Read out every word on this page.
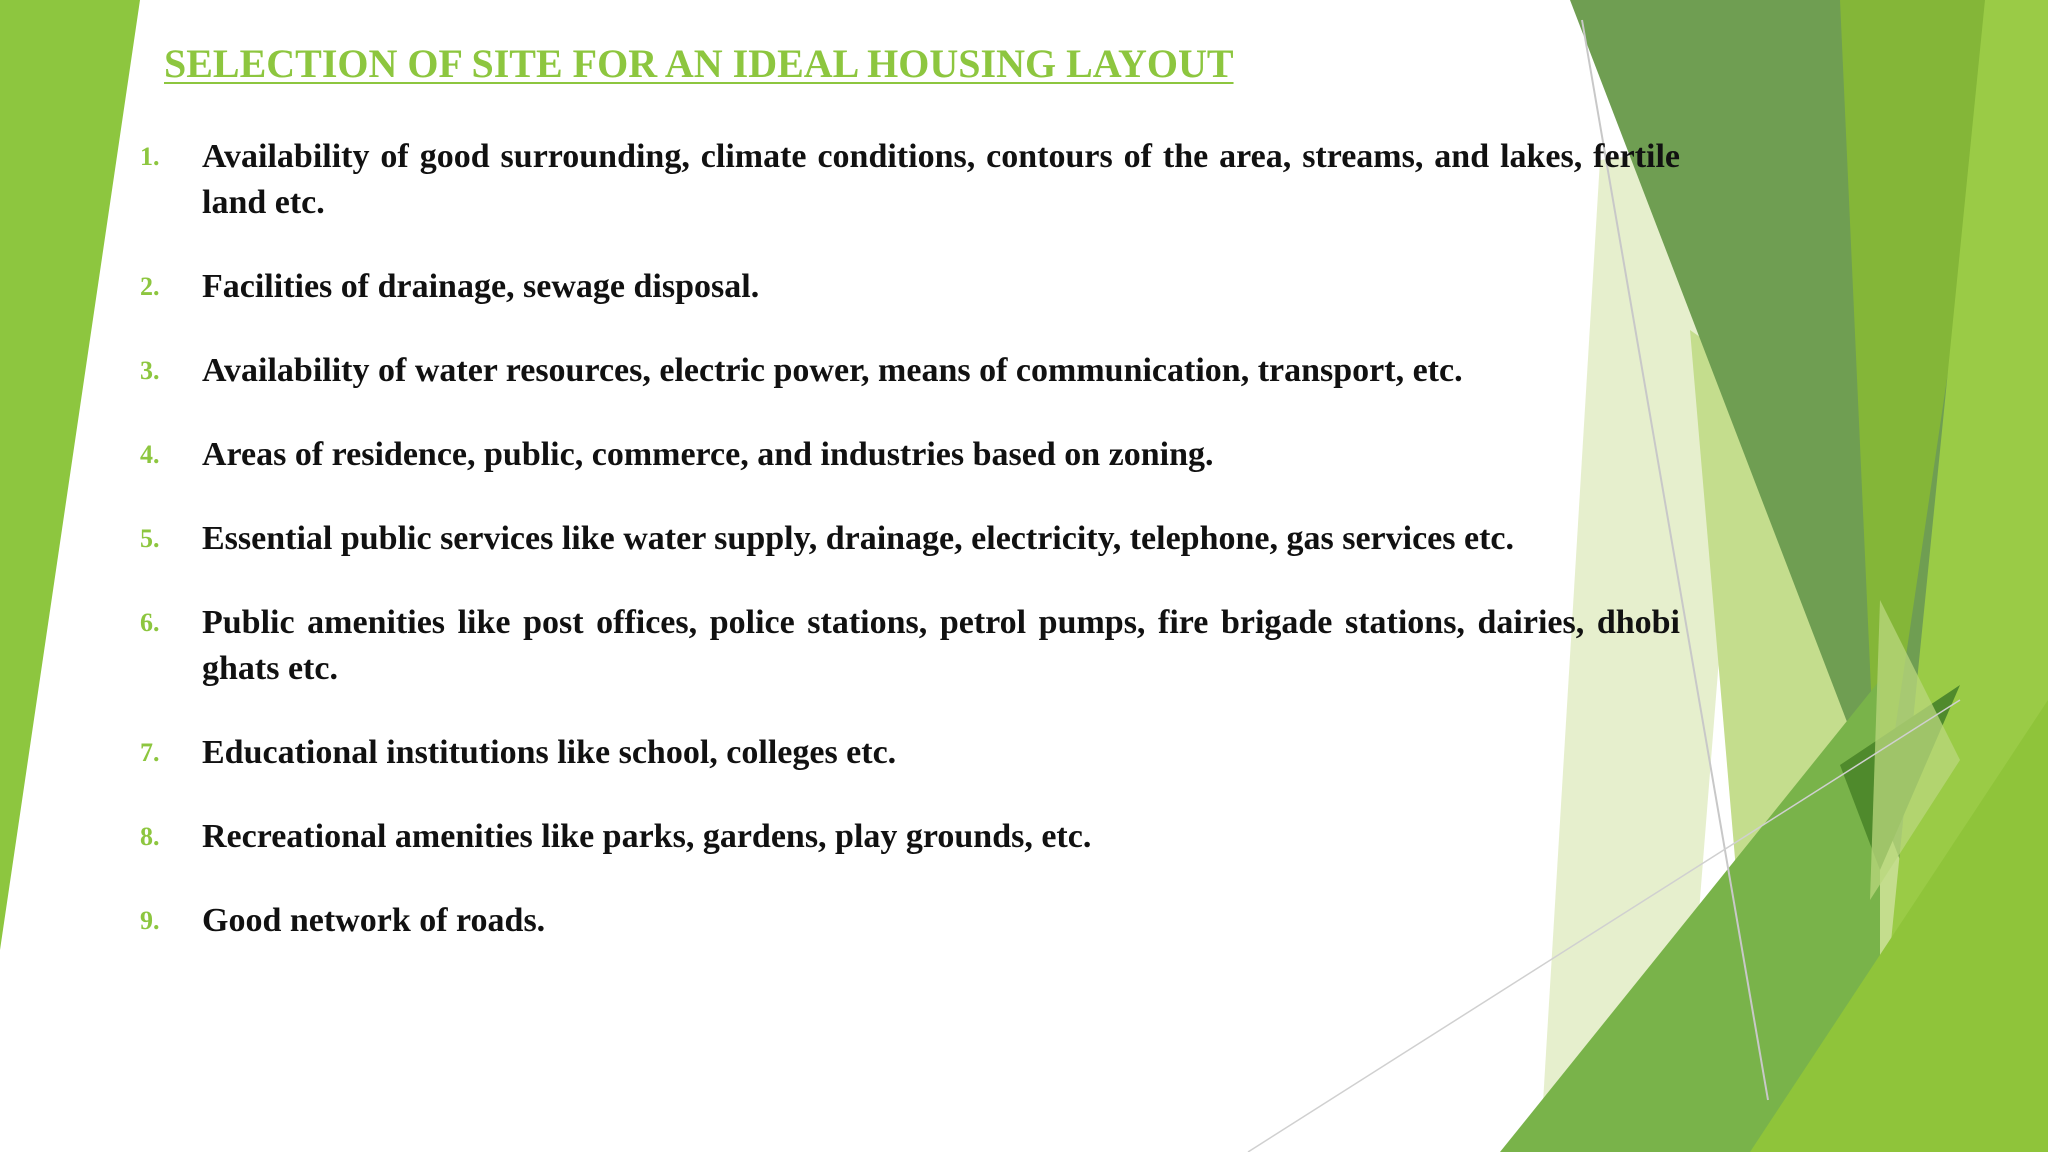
SELECTION OF SITE FOR AN IDEAL HOUSING LAYOUT
1.	Availability of good surrounding, climate conditions, contours of the area, streams, and lakes, fertile land etc.
2.	Facilities of drainage, sewage disposal.
3.	Availability of water resources, electric power, means of communication, transport, etc.
4.	Areas of residence, public, commerce, and industries based on zoning.
5.	Essential public services like water supply, drainage, electricity, telephone, gas services etc.
6.	Public amenities like post offices, police stations, petrol pumps, fire brigade stations, dairies, dhobi ghats etc.
7.	Educational institutions like school, colleges etc.
8.	Recreational amenities like parks, gardens, play grounds, etc.
9.	Good network of roads.
